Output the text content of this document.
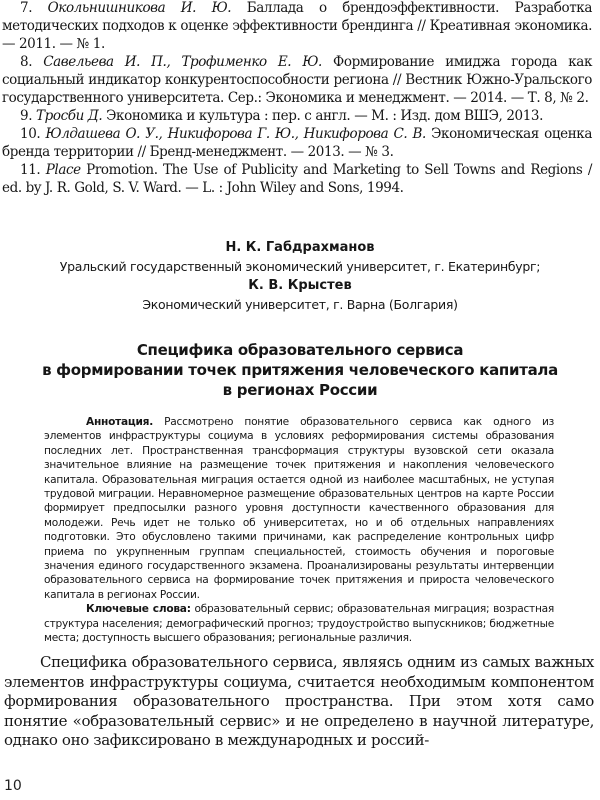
7. Окольнишникова И. Ю. Баллада о брендоэффективности. Разработка методических подходов к оценке эффективности брендинга // Креативная экономика. — 2011. — № 1.

8. Савельева И. П., Трофименко Е. Ю. Формирование имиджа города как социальный индикатор конкурентоспособности региона // Вестник Южно-Уральского государственного университета. Сер.: Экономика и менеджмент. — 2014. — Т. 8, № 2.

9. Тросби Д. Экономика и культура : пер. с англ. — М. : Изд. дом ВШЭ, 2013.

10. Юлдашева О. У., Никифорова Г. Ю., Никифорова С. В. Экономическая оценка бренда территории // Бренд-менеджмент. — 2013. — № 3.

11. Place Promotion. The Use of Publicity and Marketing to Sell Towns and Regions / ed. by J. R. Gold, S. V. Ward. — L. : John Wiley and Sons, 1994.

Н. К. Габдрахманов
Уральский государственный экономический университет, г. Екатеринбург;
К. В. Крыстев
Экономический университет, г. Варна (Болгария)
Специфика образовательного сервиса
в формировании точек притяжения человеческого капитала
в регионах России

Аннотация. Рассмотрено понятие образовательного сервиса как одного из элементов инфраструктуры социума в условиях реформирования системы образования последних лет. Пространственная трансформация структуры вузовской сети оказала значительное влияние на размещение точек притяжения и накопления человеческого капитала. Образовательная миграция остается одной из наиболее масштабных, не уступая трудовой миграции. Неравномерное размещение образовательных центров на карте России формирует предпосылки разного уровня доступности качественного образования для молодежи. Речь идет не только об университетах, но и об отдельных направлениях подготовки. Это обусловлено такими причинами, как распределение контрольных цифр приема по укрупненным группам специальностей, стоимость обучения и пороговые значения единого государственного экзамена. Проанализированы результаты интервенции образовательного сервиса на формирование точек притяжения и прироста человеческого капитала в регионах России.

Ключевые слова: образовательный сервис; образовательная миграция; возрастная структура населения; демографический прогноз; трудоустройство выпускников; бюджетные места; доступность высшего образования; региональные различия.

Специфика образовательного сервиса, являясь одним из самых важных элементов инфраструктуры социума, считается необходимым компонентом формирования образовательного пространства. При этом хотя само понятие «образовательный сервис» и не определено в научной литературе, однако оно зафиксировано в международных и россий-

10
